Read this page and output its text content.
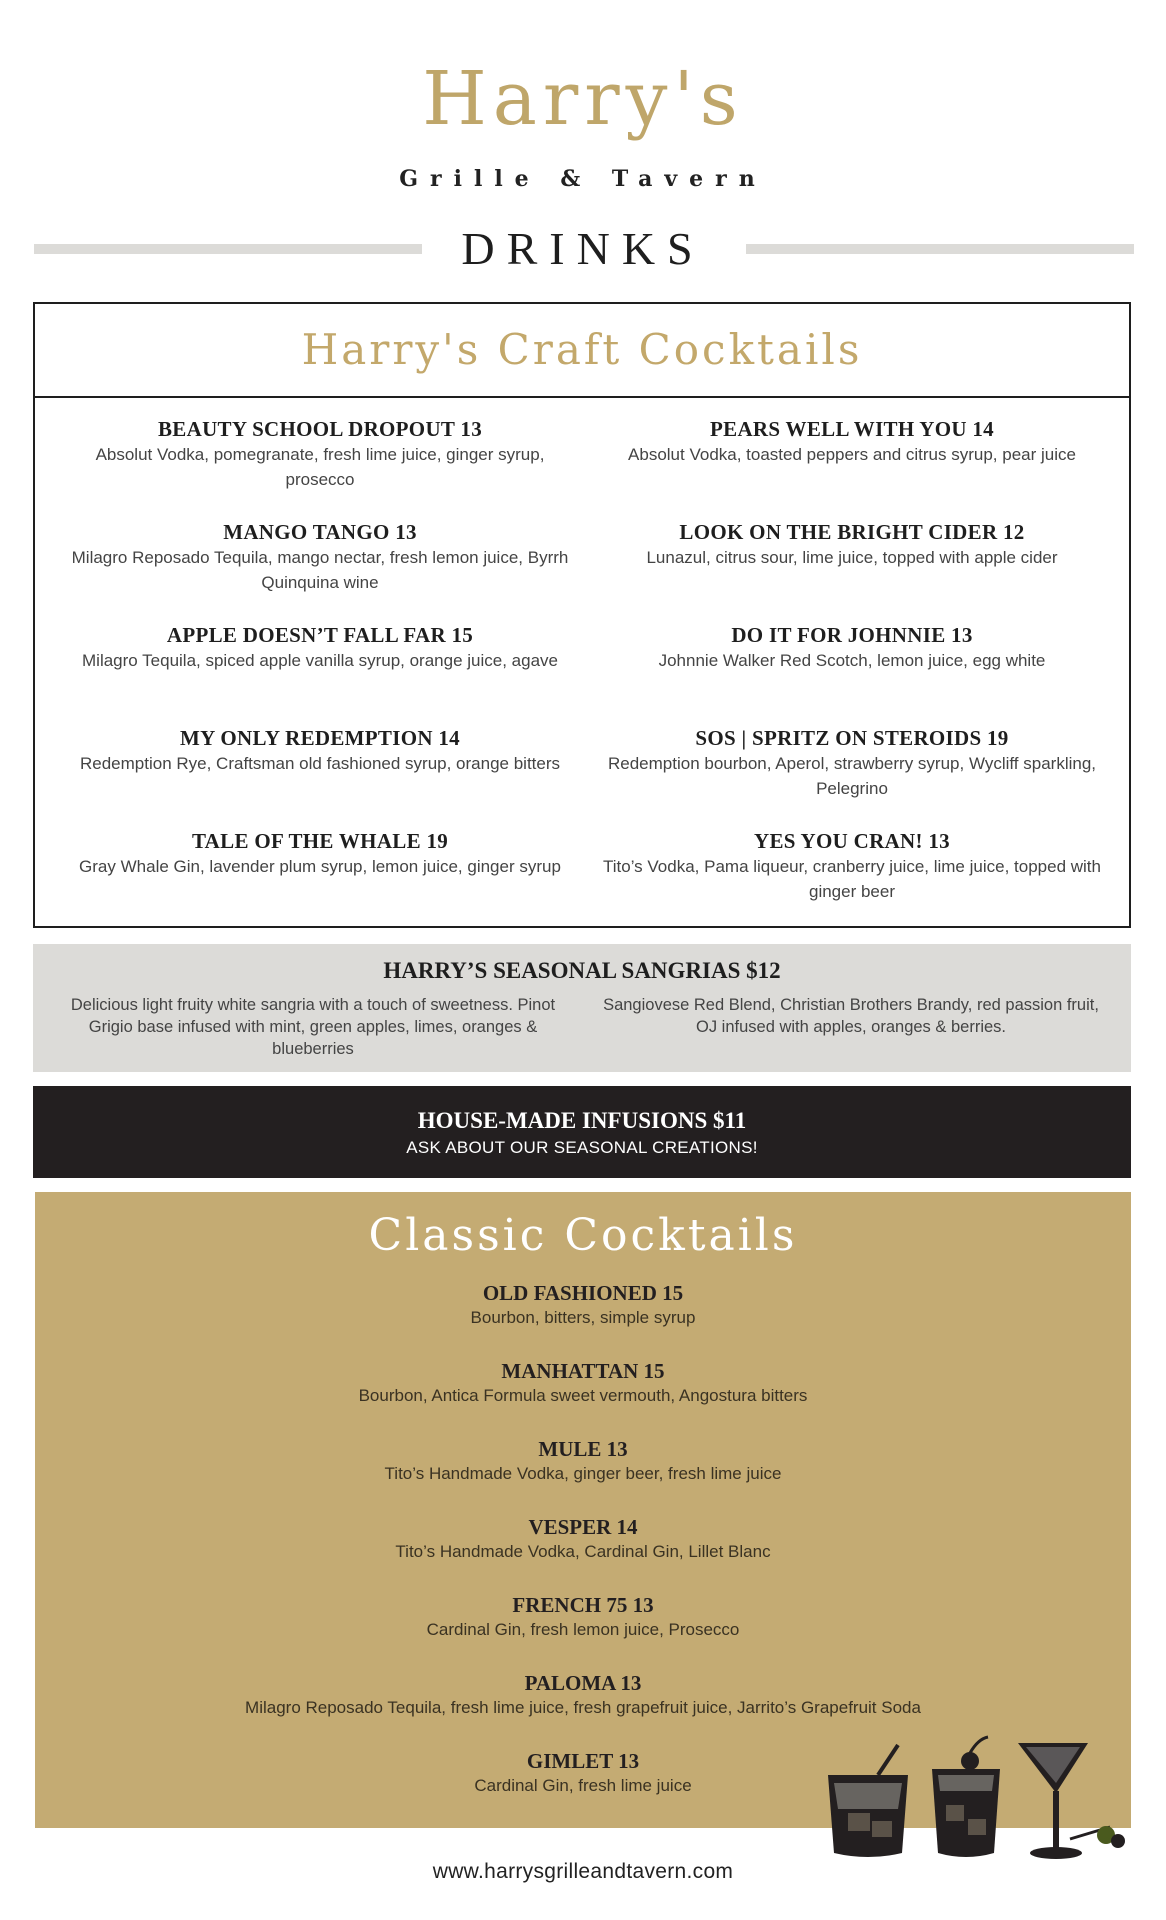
Harry's
Grille & Tavern
DRINKS
Harry's Craft Cocktails
BEAUTY SCHOOL DROPOUT 13
Absolut Vodka, pomegranate, fresh lime juice, ginger syrup, prosecco
MANGO TANGO 13
Milagro Reposado Tequila, mango nectar, fresh lemon juice, Byrrh Quinquina wine
APPLE DOESN’T FALL FAR 15
Milagro Tequila, spiced apple vanilla syrup, orange juice, agave
MY ONLY REDEMPTION 14
Redemption Rye, Craftsman old fashioned syrup, orange bitters
TALE OF THE WHALE 19
Gray Whale Gin, lavender plum syrup, lemon juice, ginger syrup
PEARS WELL WITH YOU 14
Absolut Vodka, toasted peppers and citrus syrup, pear juice
LOOK ON THE BRIGHT CIDER 12
Lunazul, citrus sour, lime juice, topped with apple cider
DO IT FOR JOHNNIE 13
Johnnie Walker Red Scotch, lemon juice, egg white
SOS | SPRITZ ON STEROIDS 19
Redemption bourbon, Aperol, strawberry syrup, Wycliff sparkling, Pelegrino
YES YOU CRAN! 13
Tito’s Vodka, Pama liqueur, cranberry juice, lime juice, topped with ginger beer
HARRY’S SEASONAL SANGRIAS $12
Delicious light fruity white sangria with a touch of sweetness. Pinot Grigio base infused with mint, green apples, limes, oranges & blueberries
Sangiovese Red Blend, Christian Brothers Brandy, red passion fruit, OJ infused with apples, oranges & berries.
HOUSE-MADE INFUSIONS $11
ASK ABOUT OUR SEASONAL CREATIONS!
Classic Cocktails
OLD FASHIONED 15
Bourbon, bitters, simple syrup
MANHATTAN 15
Bourbon, Antica Formula sweet vermouth, Angostura bitters
MULE 13
Tito’s Handmade Vodka, ginger beer, fresh lime juice
VESPER 14
Tito’s Handmade Vodka, Cardinal Gin, Lillet Blanc
FRENCH 75 13
Cardinal Gin, fresh lemon juice, Prosecco
PALOMA 13
Milagro Reposado Tequila, fresh lime juice, fresh grapefruit juice, Jarrito’s Grapefruit Soda
GIMLET 13
Cardinal Gin, fresh lime juice
www.harrysgrilleandtavern.com
